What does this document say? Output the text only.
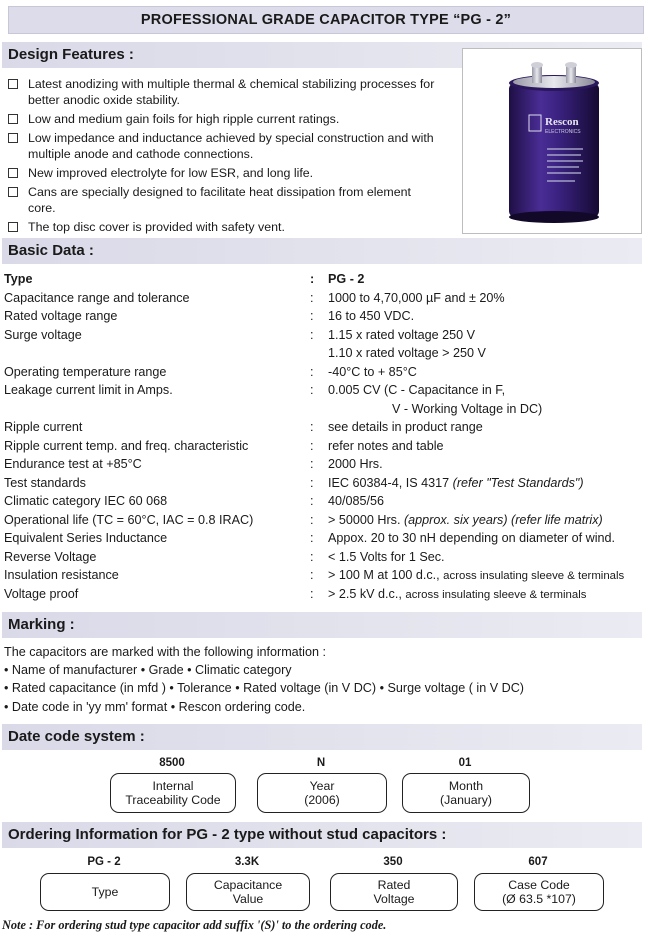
PROFESSIONAL GRADE CAPACITOR TYPE “PG - 2”
Design Features :
Latest anodizing with multiple thermal & chemical stabilizing processes for better anodic oxide stability.
Low and medium gain foils for high ripple current ratings.
Low impedance and inductance achieved by special construction and with multiple anode and cathode connections.
New improved electrolyte for low ESR, and long life.
Cans are specially designed to facilitate heat dissipation from element core.
The top disc cover is provided with safety vent.
Rescon
ELECTRONICS
Basic Data :
Type	: PG - 2

Capacitance range and tolerance	: 1000 to 4,70,000 µF and ± 20%

Rated voltage range	: 16 to 450 VDC.

Surge voltage	: 1.15 x rated voltage 250 V

1.10 x rated voltage > 250 V

Operating temperature range	: -40°C to + 85°C

Leakage current limit in Amps.	: 0.005 CV (C - Capacitance in F,

V - Working Voltage in DC)

Ripple current	: see details in product range

Ripple current temp. and freq. characteristic	: refer notes and table

Endurance test at +85°C	: 2000 Hrs.

Test standards	: IEC 60384-4, IS 4317 (refer "Test Standards")

Climatic category IEC 60 068	: 40/085/56

Operational life (TC = 60°C, IAC = 0.8 IRAC)	: > 50000 Hrs. (approx. six years) (refer life matrix)

Equivalent Series Inductance	: Appox. 20 to 30 nH depending on diameter of wind.

Reverse Voltage	: < 1.5 Volts for 1 Sec.

Insulation resistance	: > 100 M at 100 d.c., across insulating sleeve & terminals

Voltage proof	: > 2.5 kV d.c., across insulating sleeve & terminals

Marking :
The capacitors are marked with the following information :
• Name of manufacturer • Grade • Climatic category
• Rated capacitance (in mfd ) • Tolerance • Rated voltage (in V DC) • Surge voltage ( in V DC)
• Date code in 'yy mm' format • Rescon ordering code.
Date code system :
8500
Internal
Traceability Code
N
Year
(2006)
01
Month
(January)
Ordering Information for PG - 2 type without stud capacitors :
PG - 2
Type
3.3K
Capacitance
Value
350
Rated
Voltage
607
Case Code
(Ø 63.5 *107)
Note : For ordering stud type capacitor add suffix '(S)' to the ordering code.
